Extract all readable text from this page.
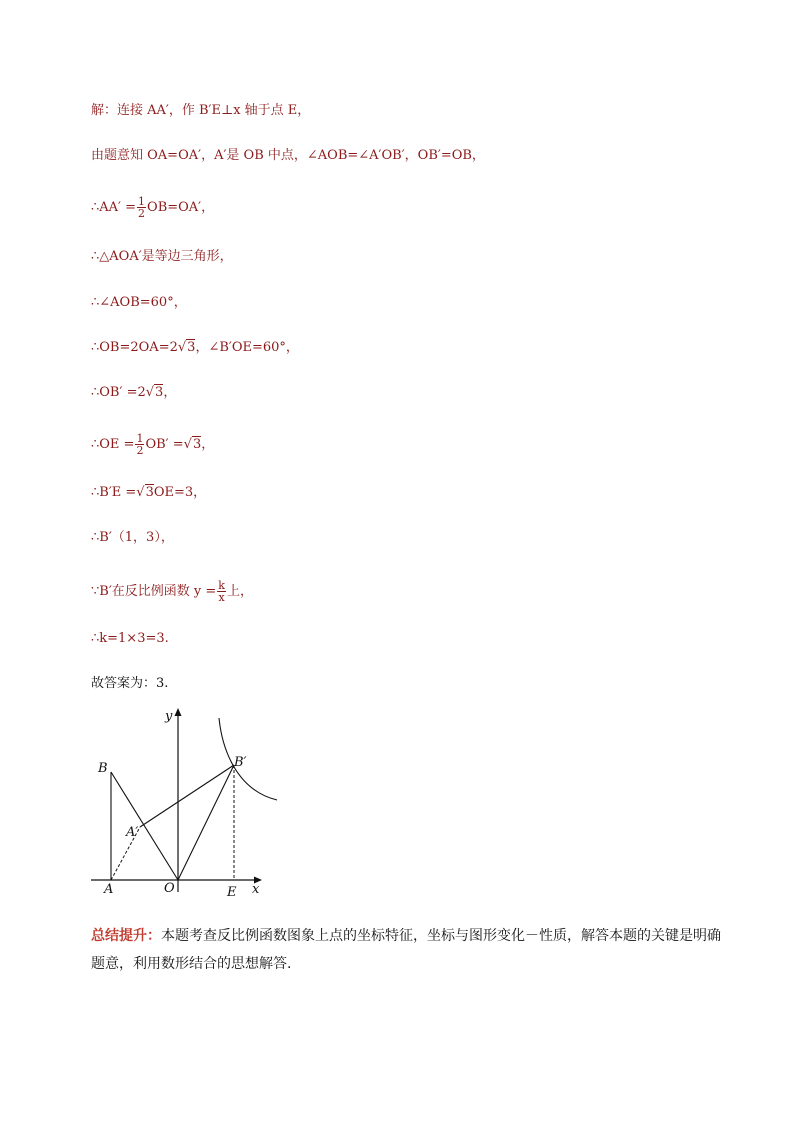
解：连接 AA′，作 B′E⊥x 轴于点 E，
由题意知 OA=OA′，A′是 OB 中点，∠AOB=∠A′OB′，OB′=OB，
∴AA′ = $\frac{1}{2} OB=OA'$，
∴△AOA′是等边三角形，
∴∠AOB=60°，
∴OB=2OA=2√3，∠B′OE=60°，
∴OB′ =2√3，
∴OE = $\frac{1}{2} OB' =√3$，
∴B′E =√3OE=3，
∴B′（1，3），
∵B′在反比例函数 $y = \frac{k}{x}$ 上，
∴k=1×3=3.
故答案为：3.
y
x
B	B′
A′
A	O	E
总结提升：本题考查反比例函数图象上点的坐标特征，坐标与图形变化－性质，解答本题的关键是明确题意，利用数形结合的思想解答.
